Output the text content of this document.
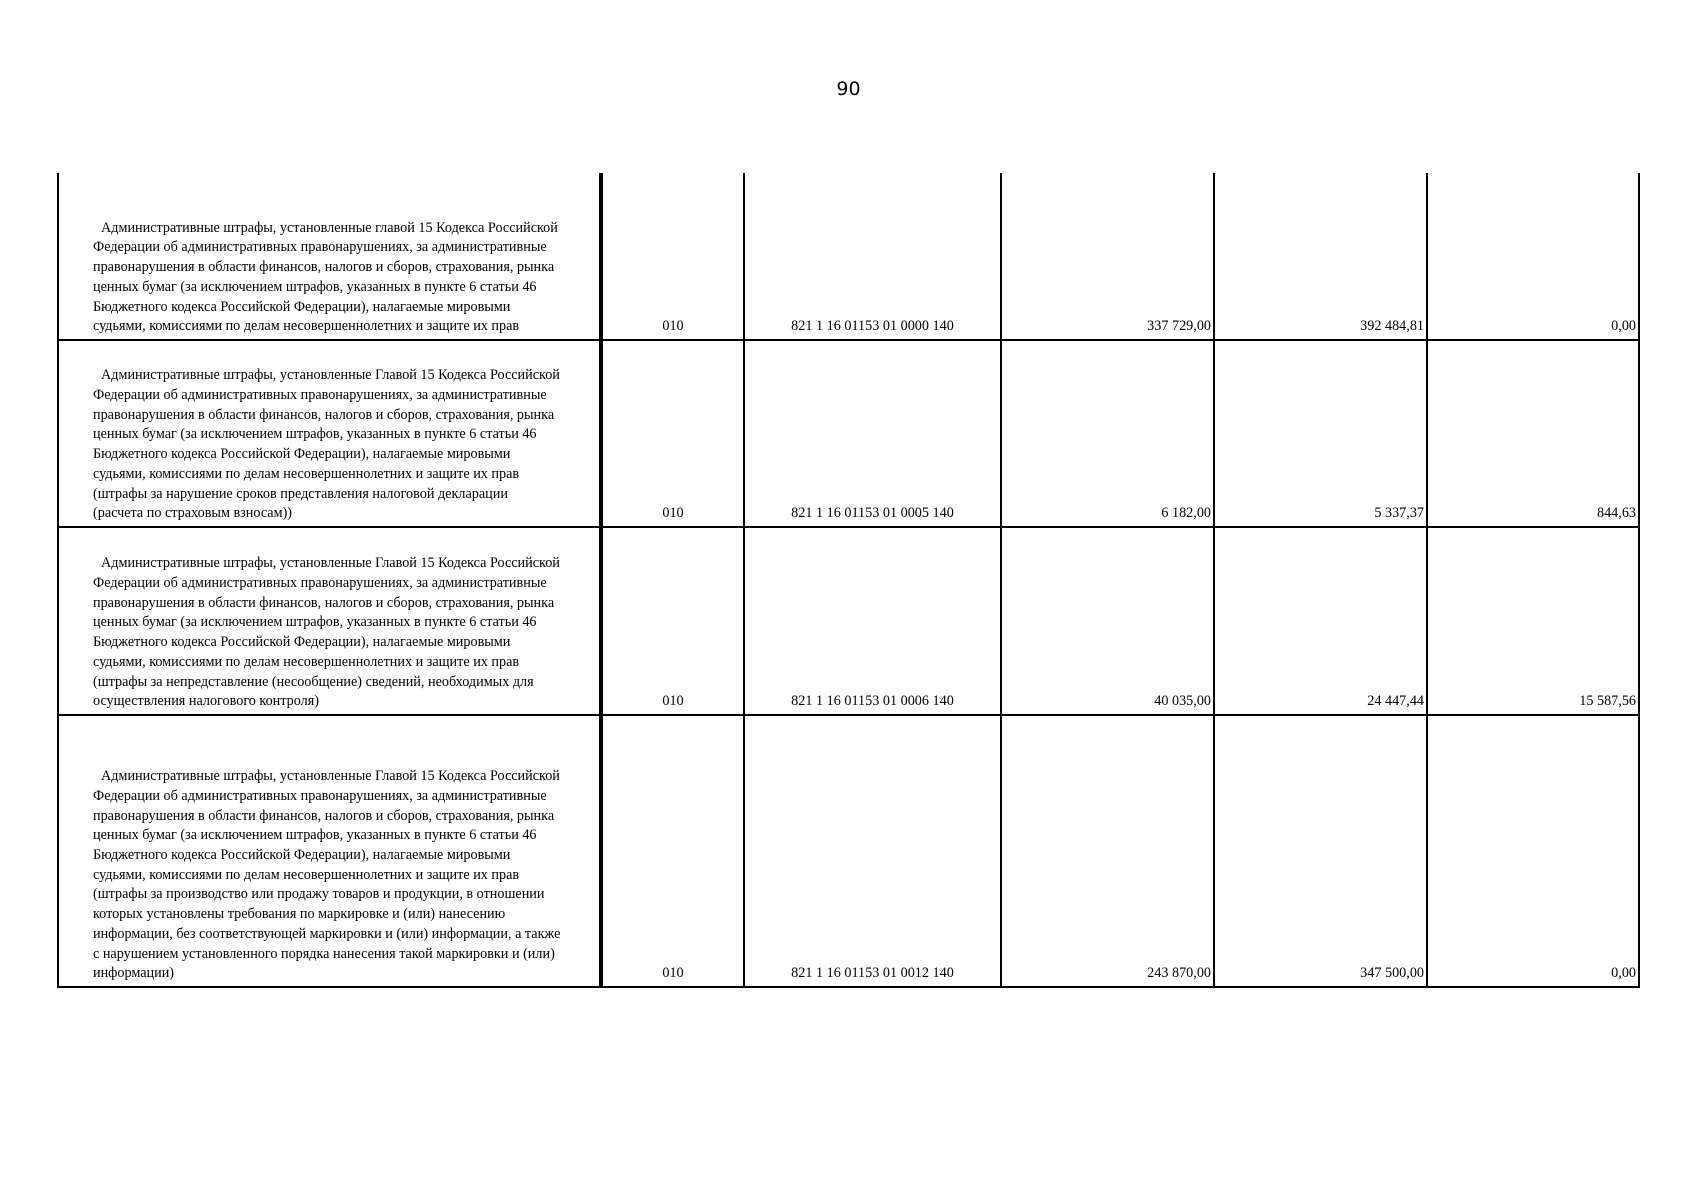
90
Административные штрафы, установленные главой 15 Кодекса Российской
Федерации об административных правонарушениях, за административные
правонарушения в области финансов, налогов и сборов, страхования, рынка
ценных бумаг (за исключением штрафов, указанных в пункте 6 статьи 46
Бюджетного кодекса Российской Федерации), налагаемые мировыми
судьями, комиссиями по делам несовершеннолетних и защите их прав	010	821 1 16 01153 01 0000 140	337 729,00	392 484,81	0,00
Административные штрафы, установленные Главой 15 Кодекса Российской
Федерации об административных правонарушениях, за административные
правонарушения в области финансов, налогов и сборов, страхования, рынка
ценных бумаг (за исключением штрафов, указанных в пункте 6 статьи 46
Бюджетного кодекса Российской Федерации), налагаемые мировыми
судьями, комиссиями по делам несовершеннолетних и защите их прав
(штрафы за нарушение сроков представления налоговой декларации
(расчета по страховым взносам))	010	821 1 16 01153 01 0005 140	6 182,00	5 337,37	844,63
Административные штрафы, установленные Главой 15 Кодекса Российской
Федерации об административных правонарушениях, за административные
правонарушения в области финансов, налогов и сборов, страхования, рынка
ценных бумаг (за исключением штрафов, указанных в пункте 6 статьи 46
Бюджетного кодекса Российской Федерации), налагаемые мировыми
судьями, комиссиями по делам несовершеннолетних и защите их прав
(штрафы за непредставление (несообщение) сведений, необходимых для
осуществления налогового контроля)	010	821 1 16 01153 01 0006 140	40 035,00	24 447,44	15 587,56
Административные штрафы, установленные Главой 15 Кодекса Российской
Федерации об административных правонарушениях, за административные
правонарушения в области финансов, налогов и сборов, страхования, рынка
ценных бумаг (за исключением штрафов, указанных в пункте 6 статьи 46
Бюджетного кодекса Российской Федерации), налагаемые мировыми
судьями, комиссиями по делам несовершеннолетних и защите их прав
(штрафы за производство или продажу товаров и продукции, в отношении
которых установлены требования по маркировке и (или) нанесению
информации, без соответствующей маркировки и (или) информации, а также
с нарушением установленного порядка нанесения такой маркировки и (или)
информации)	010	821 1 16 01153 01 0012 140	243 870,00	347 500,00	0,00
